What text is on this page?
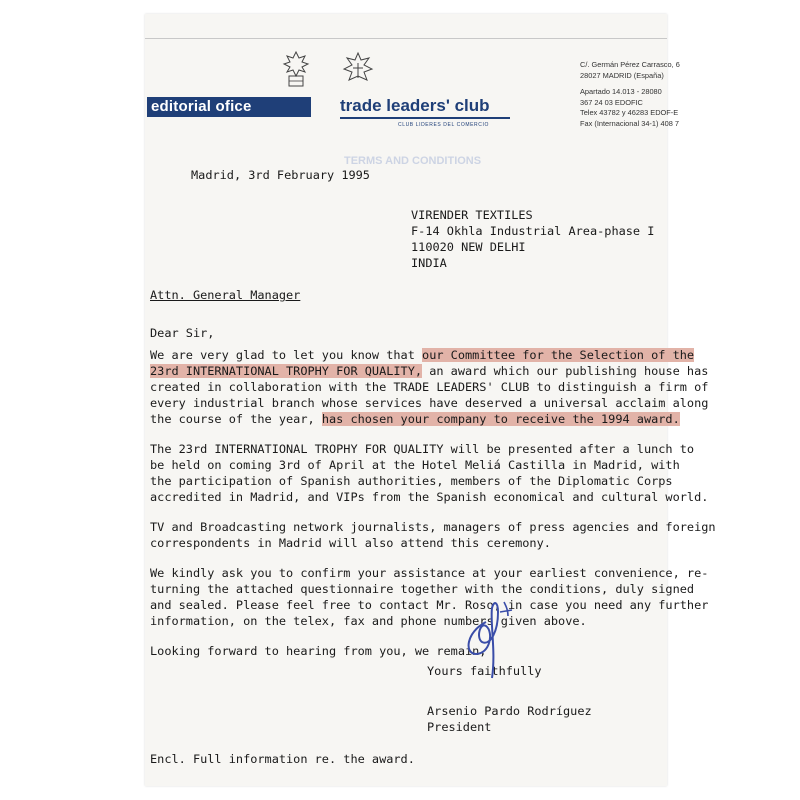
editorial ofice	trade leaders' club
CLUB LIDERES DEL COMERCIO
C/. Germán Pérez Carrasco, 6
28027 MADRID (España)
Apartado 14.013 - 28080
367 24 03 EDOFIC
Telex 43782 y 46283 EDOF-E
Fax (Internacional 34-1) 408 7
TERMS AND CONDITIONS
Madrid, 3rd February 1995
VIRENDER TEXTILES
F-14 Okhla Industrial Area-phase I
110020 NEW DELHI
INDIA
Attn. General Manager
Dear Sir,
We are very glad to let you know that our Committee for the Selection of the
23rd INTERNATIONAL TROPHY FOR QUALITY, an award which our publishing house has
created in collaboration with the TRADE LEADERS' CLUB to distinguish a firm of
every industrial branch whose services have deserved a universal acclaim along
the course of the year, has chosen your company to receive the 1994 award.
The 23rd INTERNATIONAL TROPHY FOR QUALITY will be presented after a lunch to
be held on coming 3rd of April at the Hotel Meliá Castilla in Madrid, with
the participation of Spanish authorities, members of the Diplomatic Corps
accredited in Madrid, and VIPs from the Spanish economical and cultural world.
TV and Broadcasting network journalists, managers of press agencies and foreign
correspondents in Madrid will also attend this ceremony.
We kindly ask you to confirm your assistance at your earliest convenience, re-
turning the attached questionnaire together with the conditions, duly signed
and sealed. Please feel free to contact Mr. Roso, in case you need any further
information, on the telex, fax and phone numbers given above.
Looking forward to hearing from you, we remain,
Yours faithfully
Arsenio Pardo Rodríguez
President
Encl. Full information re. the award.
